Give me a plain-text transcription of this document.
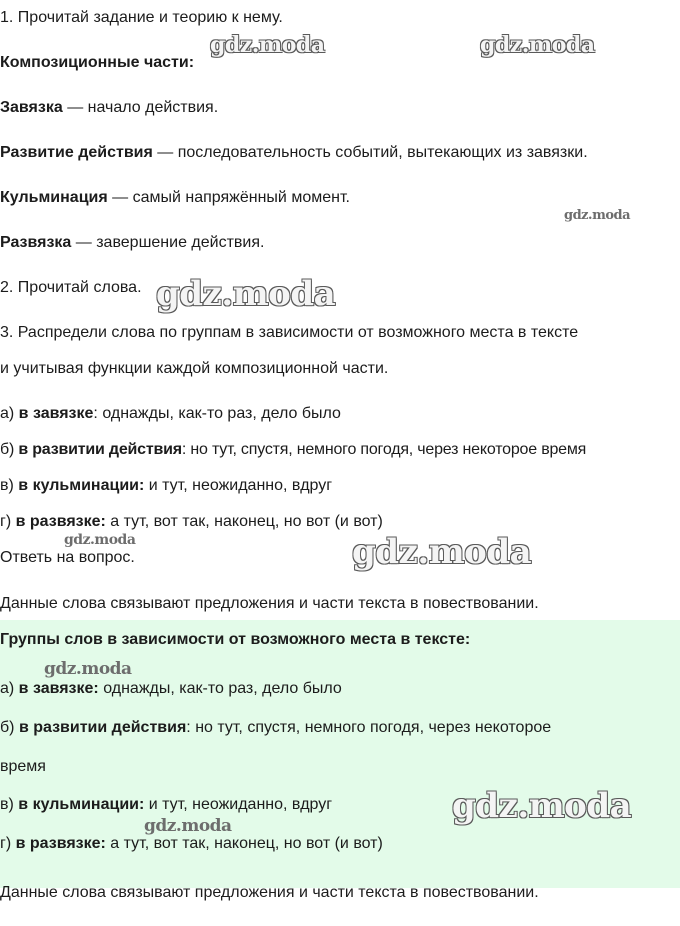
1. Прочитай задание и теорию к нему.
Композиционные части:
Завязка — начало действия.
Развитие действия — последовательность событий, вытекающих из завязки.
Кульминация — самый напряжённый момент.
Развязка — завершение действия.
2. Прочитай слова.
3. Распредели слова по группам в зависимости от возможного места в тексте
и учитывая функции каждой композиционной части.
а) в завязке: однажды, как-то раз, дело было
б) в развитии действия: но тут, спустя, немного погодя, через некоторое время
в) в кульминации: и тут, неожиданно, вдруг
г) в развязке: а тут, вот так, наконец, но вот (и вот)
Ответь на вопрос.
Данные слова связывают предложения и части текста в повествовании.
Группы слов в зависимости от возможного места в тексте:
а) в завязке: однажды, как-то раз, дело было
б) в развитии действия: но тут, спустя, немного погодя, через некоторое
время
в) в кульминации: и тут, неожиданно, вдруг
г) в развязке: а тут, вот так, наконец, но вот (и вот)
Данные слова связывают предложения и части текста в повествовании.
gdz.moda	gdz.moda
gdz.moda
gdz.moda
gdz.moda	gdz.moda
gdz.moda
gdz.moda
gdz.moda
